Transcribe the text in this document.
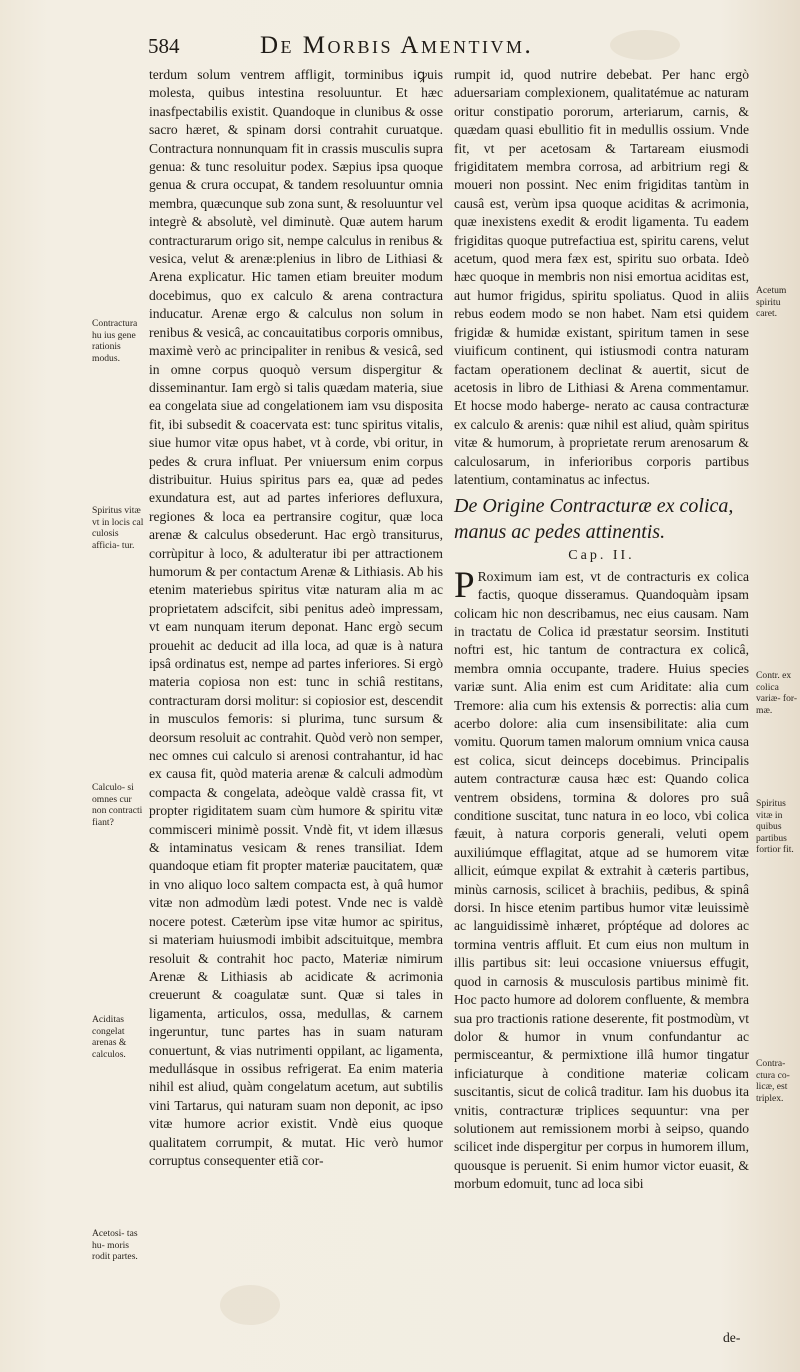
584	De Morbis Amentivm.

terdum solum ventrem affligit, torminibus iꝙuis molesta, quibus intestina resoluuntur. Et hæc inasfpectabilis existit. Quandoque in clunibus & osse sacro hæret, & spinam dorsi contrahit curuatque. Contractura nonnunquam fit in crassis musculis supra genua: & tunc resoluitur podex. Sæpius ipsa quoque genua & crura occupat, & tandem resoluuntur omnia membra, quæcunque sub zona sunt, & resoluuntur vel integrè & absolutè, vel diminutè. Quæ autem harum contracturarum origo sit, nempe calculus in renibus & vesica, velut & arenæ:plenius in libro de Lithiasi & Arena explicatur. Hic tamen etiam breuiter modum docebimus, quo ex calculo & arena contractura inducatur. Arenæ ergo & calculus non solum in renibus & vesicâ, ac concauitatibus corporis omnibus, maximè verò ac principaliter in renibus & vesicâ, sed in omne corpus quoquò versum dispergitur & disseminantur. Iam ergò si talis quædam materia, siue ea congelata siue ad congelationem iam vsu dispositа fit, ibi subsedit & coacervata est: tunc spiritus vitalis, siue humor vitæ opus habet, vt à corde, vbi oritur, in pedes & crura influat. Per vniuersum enim corpus distribuitur. Huius spiritus pars ea, quæ ad pedes exundatura est, aut ad partes inferiores defluxura, regiones & loca ea pertransire cogitur, quæ loca arenæ & calculus obsederunt. Hac ergò transiturus, corrùpitur à loco, & adulteratur ibi per attractionem humorum & per contactum Arenæ & Lithiasis. Ab his etenim materiebus spiritus vitæ naturam alia m ac proprietatem adscifcit, sibi penitus adeò impressam, vt eam nunquam iterum deponat. Hanc ergò secum prouehit ac deducit ad illa loca, ad quæ is à natura ipsâ ordinatus est, nempe ad partes inferiores. Si ergò materia copiosa non est: tunc in schiâ restitans, contracturam dorsi molitur: si copiosior est, descendit in musculos femoris: si plurima, tunc sursum & deorsum resoluit ac contrahit. Quòd verò non semper, nec omnes cui calculo si arenosi contrahantur, id hac ex causa fit, quòd materia arenæ & calculi admodùm compacta & congelata, adeòque valdè crassa fit, vt propter rigiditatem suam cùm humore & spiritu vitæ commisceri minimè possit. Vndè fit, vt idem illæsus & intaminatus vesicam & renes transiliat. Idem quandoque etiam fit propter materiæ paucitatem, quæ in vno aliquo loco saltem compacta est, à quâ humor vitæ non admodùm lædi potest. Vnde nec is valdè nocere potest. Cæterùm ipse vitæ humor ac spiritus, si materiam huiusmodi imbibit adscituitque, membra resoluit & contrahit hoc pacto, Materiæ nimirum Arenæ & Lithiasis ab acidicate & acrimonia creuerunt & coagulatæ sunt. Quæ si tales in ligamenta, articulos, ossa, medullas, & carnem ingeruntur, tunc partes has in suam naturam conuertunt, & vias nutrimenti oppilant, ac ligamenta, medullásque in ossibus refrigerat. Ea enim materia nihil est aliud, quàm congelatum acetum, aut subtilis vini Tartarus, qui naturam suam non deponit, ac ipso vitæ humore acrior existit. Vndè eius quoque qualitatem corrumpit, & mutat. Hic verò humor corruptus consequenter etiã cor-

rumpit id, quod nutrire debebat. Per hanc ergò aduersariam complexionem, qualitatémue ac naturam oritur constipatio pororum, arteriarum, carnis, & quædam quasi ebullitio fit in medullis ossium. Vnde fit, vt per acetosam & Tartaream eiusmodi frigiditatem membra corrosa, ad arbitrium regi & moueri non possint. Nec enim frigiditas tantùm in causâ est, verùm ipsa quoque aciditas & acrimonia, quæ inexistens exedit & erodit ligamenta. Tu eadem frigiditas quoque putrefactiua est, spiritu carens, velut acetum, quod mera fæx est, spiritu suo orbata. Ideò hæc quoque in membris non nisi emortua aciditas est, aut humor frigidus, spiritu spoliatus. Quod in aliis rebus eodem modo se non habet. Nam etsi quidem frigidæ & humidæ existant, spiritum tamen in sese viuificum continent, qui istiusmodi contra naturam factam operationem declinat & auertit, sicut de acetosis in libro de Lithiasi & Arena commentamur. Et hocse modo haberge- nerato ac causa contracturæ ex calculo & arenis: quæ nihil est aliud, quàm spiritus vitæ & humorum, à proprietate rerum arenosarum & calculosarum, in inferioribus corporis partibus latentium, contaminatus ac infectus.

De Origine Contracturæ ex colica, manus ac pedes attinentis.
Cap. II.

P Roximum iam est, vt de contracturis ex colica factis, quoque disseramus. Quandoquàm ipsam colicam hic non describamus, nec eius causam. Nam in tractatu de Colica id præstatur seorsim. Instituti noftri est, hic tantum de contractura ex colicâ, membra omnia occupante, tradere. Huius species variæ sunt. Alia enim est cum Ariditate: alia cum Tremore: alia cum his extensis & porrectis: alia cum acerbo dolore: alia cum insensibilitate: alia cum vomitu. Quorum tamen malorum omnium vnica causa est colica, sicut deinceps docebimus. Principalis autem contracturæ causa hæc est: Quando colica ventrem obsidens, tormina & dolores pro suâ conditione suscitat, tunc natura in eo loco, vbi colica fæuit, à natura corporis generali, veluti opem auxiliúmque efflagitat, atque ad se humorem vitæ allicit, eúmque expilat & extrahit à cæteris partibus, minùs carnosis, scilicet à brachiis, pedibus, & spinâ dorsi. In hisce etenim partibus humor vitæ leuissimè ac languidissimè inhæret, próptéque ad dolores ac tormina ventris affluit. Et cum eius non multum in illis partibus sit: leui occasione vniuersus effugit, quod in carnosis & musculosis partibus minimè fit. Hoc pacto humore ad dolorem confluente, & membra sua pro tractionis ratione deserente, fit postmodùm, vt dolor & humor in vnum confundantur ac permisceantur, & permixtione illâ humor tingatur inficiaturque à conditione materiæ colicam suscitantis, sicut de colicâ traditur. Iam his duobus ita vnitis, contracturæ triplices sequuntur: vna per solutionem aut remissionem morbi à seipso, quando scilicet inde dispergitur per corpus in humorem illum, quousque is peruenit. Si enim humor victor euasit, & morbum edomuit, tunc ad loca sibi

Contractura hu ius gene rationis modus.
Spiritus vitæ vt in locis cal culosis afficia- tur.
Calculo- si omnes cur non contracti fiant?
Aciditas congelat arenas & calculos.
Acetosi- tas hu- moris rodit partes.
Acetum spiritu caret.
Contr. ex colica variæ- for- mæ.
Spiritus vitæ in quibus partibus fortior fit.
Contra- ctura co- licæ, est triplex.
de-
